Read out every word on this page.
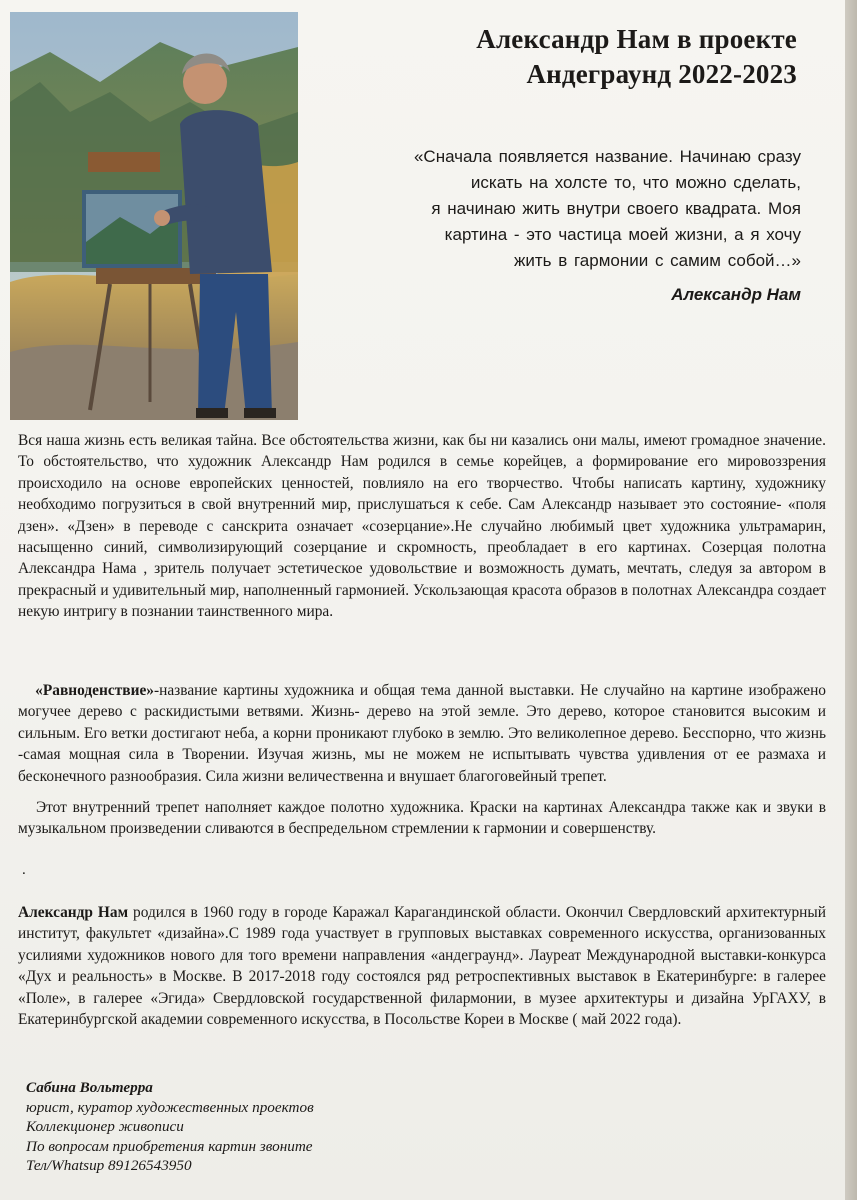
Александр Нам в проекте
Андеграунд 2022-2023
«Сначала появляется название. Начинаю сразу
искать на холсте то, что можно сделать,
я начинаю жить внутри своего квадрата. Моя
картина - это частица моей жизни, а я хочу
жить в гармонии с самим собой…»
Александр Нам

Вся наша жизнь есть великая тайна. Все обстоятельства жизни, как бы ни казались они малы, имеют громадное значение. То обстоятельство, что художник Александр Нам родился в семье корейцев, а формирование его мировоззрения происходило на основе европейских ценностей, повлияло на его творчество. Чтобы написать картину, художнику необходимо погрузиться в свой внутренний мир, прислушаться к себе. Сам Александр называет это состояние- «поля дзен». «Дзен» в переводе с санскрита означает «созерцание».Не случайно любимый цвет художника ультрамарин, насыщенно синий, символизирующий созерцание и скромность, преобладает в его картинах. Созерцая полотна Александра Нама , зритель получает эстетическое удовольствие и возможность думать, мечтать, следуя за автором в прекрасный и удивительный мир, наполненный гармонией. Ускользающая красота образов в полотнах Александра создает некую интригу в познании таинственного мира.

«Равноденствие»-название картины художника и общая тема данной выставки. Не случайно на картине изображено могучее дерево с раскидистыми ветвями. Жизнь- дерево на этой земле. Это дерево, которое становится высоким и сильным. Его ветки достигают неба, а корни проникают глубоко в землю. Это великолепное дерево. Бесспорно, что жизнь -самая мощная сила в Творении. Изучая жизнь, мы не можем не испытывать чувства удивления от ее размаха и бесконечного разнообразия. Сила жизни величественна и внушает благоговейный трепет.

Этот внутренний трепет наполняет каждое полотно художника. Краски на картинах Александра также как и звуки в музыкальном произведении сливаются в беспредельном стремлении к гармонии и совершенству.

.

Александр Нам родился в 1960 году в городе Каражал Карагандинской области. Окончил Свердловский архитектурный институт, факультет «дизайна».С 1989 года участвует в групповых выставках современного искусства, организованных усилиями художников нового для того времени направления «андеграунд». Лауреат Международной выставки-конкурса «Дух и реальность» в Москве. В 2017-2018 году состоялся ряд ретроспективных выставок в Екатеринбурге: в галерее «Поле», в галерее «Эгида» Свердловской государственной филармонии, в музее архитектуры и дизайна УрГАХУ, в Екатеринбургской академии современного искусства, в Посольстве Кореи в Москве ( май 2022 года).

Сабина Вольтерра
юрист, куратор художественных проектов
Коллекционер живописи
По вопросам приобретения картин звоните
Тел/Whatsup 89126543950
